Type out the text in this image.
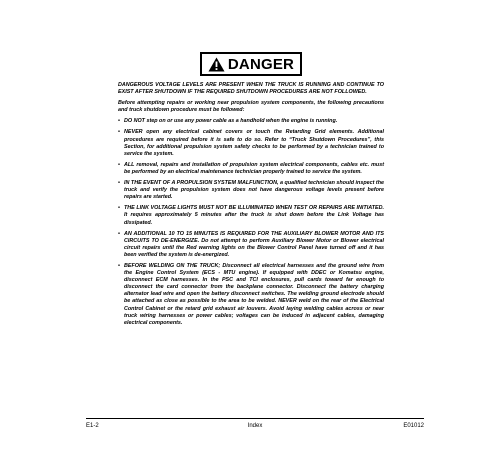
DANGER

DANGEROUS VOLTAGE LEVELS ARE PRESENT WHEN THE TRUCK IS RUNNING AND CONTINUE TO EXIST AFTER SHUTDOWN IF THE REQUIRED SHUTDOWN PROCEDURES ARE NOT FOLLOWED.

Before attempting repairs or working near propulsion system components, the following precautions and truck shutdown procedure must be followed:

• DO NOT step on or use any power cable as a handhold when the engine is running.
• NEVER open any electrical cabinet covers or touch the Retarding Grid elements. Additional procedures are required before it is safe to do so. Refer to “Truck Shutdown Procedures”, this Section, for additional propulsion system safety checks to be performed by a technician trained to service the system.
• ALL removal, repairs and installation of propulsion system electrical components, cables etc. must be performed by an electrical maintenance technician properly trained to service the system.
• IN THE EVENT OF A PROPULSION SYSTEM MALFUNCTION, a qualified technician should inspect the truck and verify the propulsion system does not have dangerous voltage levels present before repairs are started.
• THE LINK VOLTAGE LIGHTS MUST NOT BE ILLUMINATED WHEN TEST OR REPAIRS ARE INITIATED. It requires approximately 5 minutes after the truck is shut down before the Link Voltage has dissipated.
• AN ADDITIONAL 10 TO 15 MINUTES IS REQUIRED FOR THE AUXILIARY BLOWER MOTOR AND ITS CIRCUITS TO DE-ENERGIZE. Do not attempt to perform Auxiliary Blower Motor or Blower electrical circuit repairs until the Red warning lights on the Blower Control Panel have turned off and it has been verified the system is de-energized.
• BEFORE WELDING ON THE TRUCK; Disconnect all electrical harnesses and the ground wire from the Engine Control System (ECS - MTU engine). If equipped with DDEC or Komatsu engine, disconnect ECM harnesses. In the PSC and TCI enclosures, pull cards toward far enough to disconnect the card connector from the backplane connector. Disconnect the battery charging alternator lead wire and open the battery disconnect switches. The welding ground electrode should be attached as close as possible to the area to be welded. NEVER weld on the rear of the Electrical Control Cabinet or the retard grid exhaust air louvers. Avoid laying welding cables across or near truck wiring harnesses or power cables; voltages can be induced in adjacent cables, damaging electrical components.
E1-2	Index	E01012
